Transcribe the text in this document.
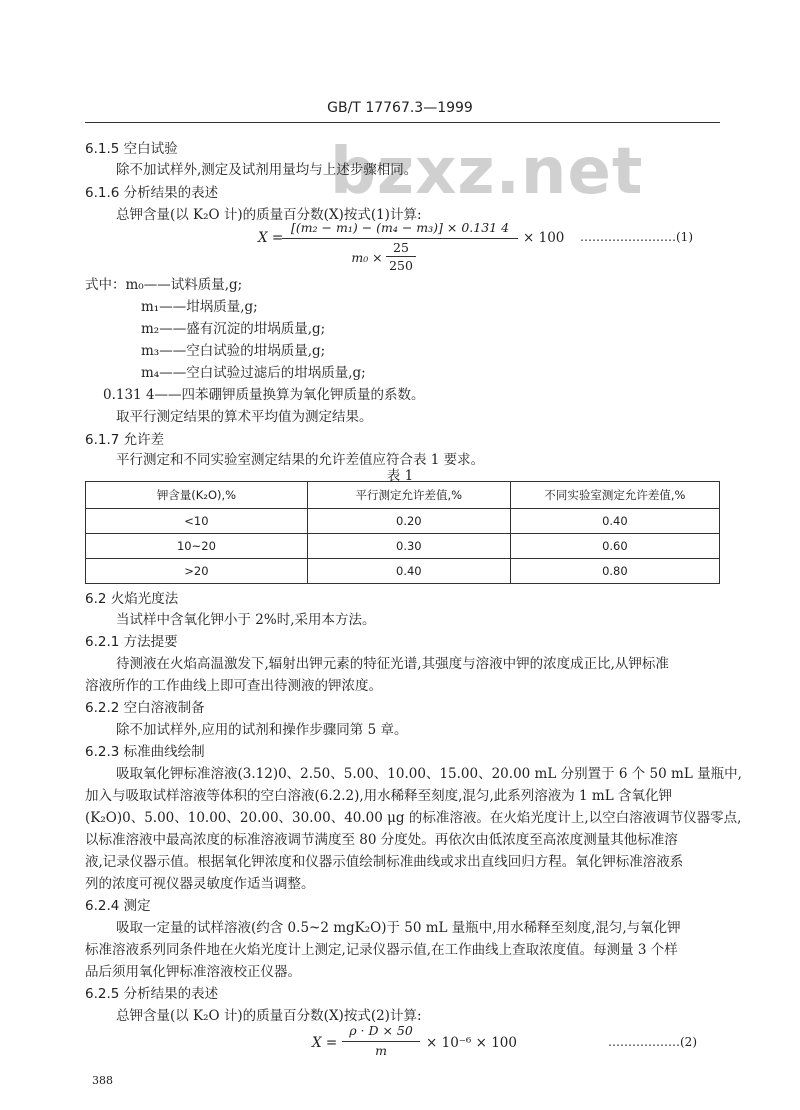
GB/T 17767.3—1999
bzxz.net
6.1.5 空白试验
除不加试样外,测定及试剂用量均与上述步骤相同。
6.1.6 分析结果的表述
总钾含量(以 K₂O 计)的质量百分数(X)按式(1)计算:
X =
[(m₂ − m₁) − (m₄ − m₃)] × 0.131 4
m₀ ×
25
250
× 100 ……………………(1)
式中：m₀——试料质量,g;
m₁——坩埚质量,g;
m₂——盛有沉淀的坩埚质量,g;
m₃——空白试验的坩埚质量,g;
m₄——空白试验过滤后的坩埚质量,g;
0.131 4——四苯硼钾质量换算为氧化钾质量的系数。
取平行测定结果的算术平均值为测定结果。
6.1.7 允许差
平行测定和不同实验室测定结果的允许差值应符合表 1 要求。
表 1
钾含量(K₂O),%	平行测定允许差值,%	不同实验室测定允许差值,%
<10	0.20	0.40
10~20	0.30	0.60
>20	0.40	0.80
6.2 火焰光度法
当试样中含氧化钾小于 2%时,采用本方法。
6.2.1 方法提要
待测液在火焰高温激发下,辐射出钾元素的特征光谱,其强度与溶液中钾的浓度成正比,从钾标准
溶液所作的工作曲线上即可查出待测液的钾浓度。
6.2.2 空白溶液制备
除不加试样外,应用的试剂和操作步骤同第 5 章。
6.2.3 标准曲线绘制
吸取氧化钾标准溶液(3.12)0、2.50、5.00、10.00、15.00、20.00 mL 分别置于 6 个 50 mL 量瓶中,
加入与吸取试样溶液等体积的空白溶液(6.2.2),用水稀释至刻度,混匀,此系列溶液为 1 mL 含氧化钾
(K₂O)0、5.00、10.00、20.00、30.00、40.00 μg 的标准溶液。在火焰光度计上,以空白溶液调节仪器零点,
以标准溶液中最高浓度的标准溶液调节满度至 80 分度处。再依次由低浓度至高浓度测量其他标准溶
液,记录仪器示值。根据氧化钾浓度和仪器示值绘制标准曲线或求出直线回归方程。氧化钾标准溶液系
列的浓度可视仪器灵敏度作适当调整。
6.2.4 测定
吸取一定量的试样溶液(约含 0.5~2 mgK₂O)于 50 mL 量瓶中,用水稀释至刻度,混匀,与氧化钾
标准溶液系列同条件地在火焰光度计上测定,记录仪器示值,在工作曲线上查取浓度值。每测量 3 个样
品后须用氧化钾标准溶液校正仪器。
6.2.5 分析结果的表述
总钾含量(以 K₂O 计)的质量百分数(X)按式(2)计算:
X =
ρ · D × 50
m	× 10⁻⁶ × 100	………………(2)
388
